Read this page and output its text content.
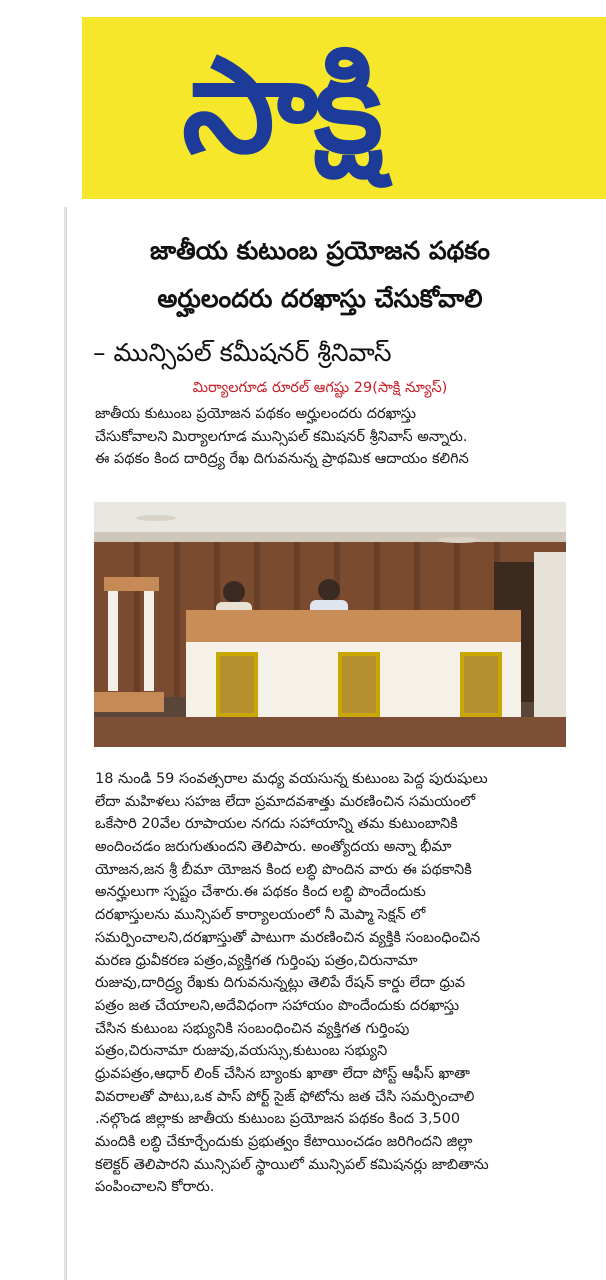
సాక్షి
జాతీయ కుటుంబ ప్రయోజన పథకం
అర్హులందరు దరఖాస్తు చేసుకోవాలి
– మున్సిపల్ కమీషనర్ శ్రీనివాస్
మిర్యాలగూడ రూరల్ ఆగష్టు 29(సాక్షి న్యూస్)
జాతీయ కుటుంబ ప్రయోజన పథకం అర్హులందరు దరఖాస్తు
చేసుకోవాలని మిర్యాలగూడ మున్సిపల్ కమిషనర్ శ్రీనివాస్ అన్నారు.
ఈ పథకం కింద దారిద్ర్య రేఖ దిగువనున్న ప్రాథమిక ఆదాయం కలిగిన
18 నుండి 59 సంవత్సరాల మధ్య వయసున్న కుటుంబ పెద్ద పురుషులు
లేదా మహిళలు సహజ లేదా ప్రమాదవశాత్తు మరణించిన సమయంలో
ఒకేసారి 20వేల రూపాయల నగదు సహాయాన్ని తమ కుటుంబానికి
అందించడం జరుగుతుందని తెలిపారు. అంత్యోదయ అన్నా భీమా
యోజన,జన శ్రీ బీమా యోజన కింద లబ్ధి పొందిన వారు ఈ పథకానికి
అనర్హులుగా స్పష్టం చేశారు.ఈ పథకం కింద లబ్ధి పొందేందుకు
దరఖాస్తులను మున్సిపల్ కార్యాలయంలో నీ మెప్మా సెక్షన్ లో
సమర్పించాలని,దరఖాస్తుతో పాటుగా మరణించిన వ్యక్తికి సంబంధించిన
మరణ ధ్రువీకరణ పత్రం,వ్యక్తిగత గుర్తింపు పత్రం,చిరునామా
రుజువు,దారిద్ర్య రేఖకు దిగువనున్నట్లు తెలిపే రేషన్ కార్డు లేదా ధ్రువ
పత్రం జత చేయాలని,అదేవిధంగా సహాయం పొందేందుకు దరఖాస్తు
చేసిన కుటుంబ సభ్యునికి సంబంధించిన వ్యక్తిగత గుర్తింపు
పత్రం,చిరునామా రుజువు,వయస్సు,కుటుంబ సభ్యుని
ధ్రువపత్రం,ఆధార్ లింక్ చేసిన బ్యాంకు ఖాతా లేదా పోస్ట్ ఆఫీస్ ఖాతా
వివరాలతో పాటు,ఒక పాస్ పోర్ట్ సైజ్ ఫోటోను జత చేసి సమర్పించాలి
.నల్గొండ జిల్లాకు జాతీయ కుటుంబ ప్రయోజన పథకం కింద 3,500
మందికి లబ్ధి చేకూర్చేందుకు ప్రభుత్వం కేటాయించడం జరిగిందని జిల్లా
కలెక్టర్ తెలిపారని మున్సిపల్ స్థాయిలో మున్సిపల్ కమిషనర్లు జాబితాను
పంపించాలని కోరారు.
